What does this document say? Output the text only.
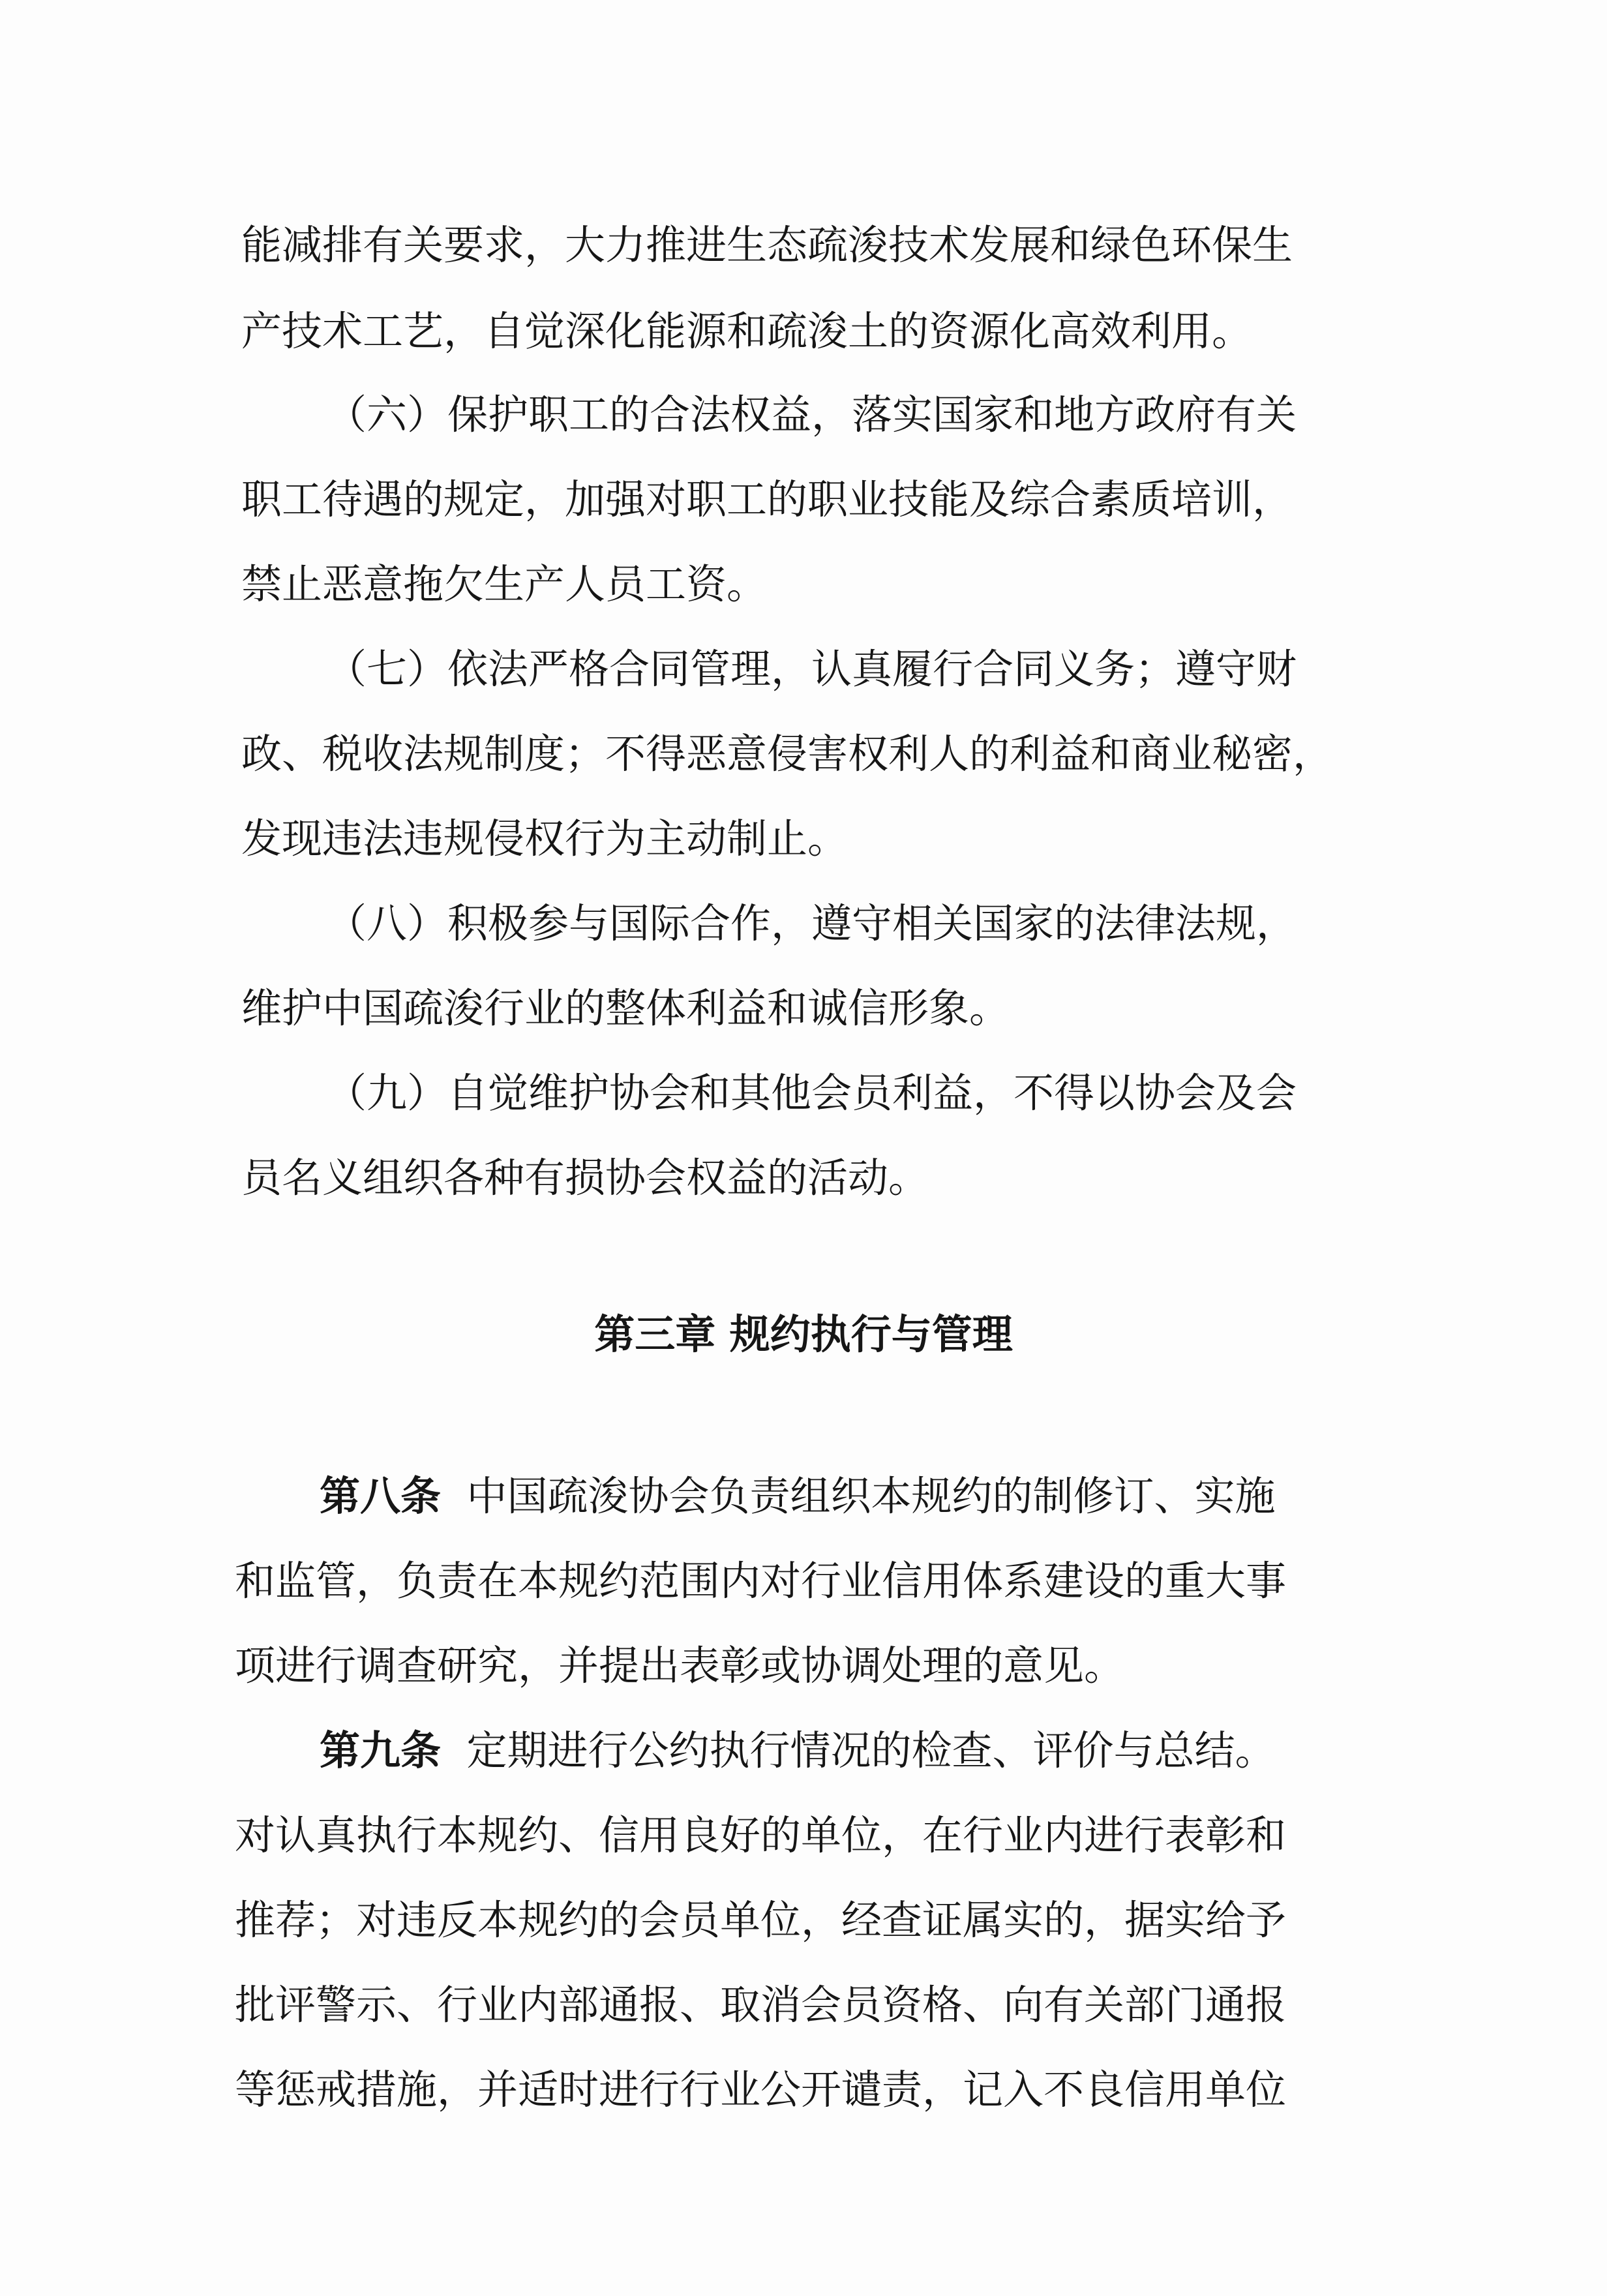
能减排有关要求，大力推进生态疏浚技术发展和绿色环保生

产技术工艺，自觉深化能源和疏浚土的资源化高效利用。

（六）保护职工的合法权益，落实国家和地方政府有关

职工待遇的规定，加强对职工的职业技能及综合素质培训，

禁止恶意拖欠生产人员工资。

（七）依法严格合同管理，认真履行合同义务；遵守财

政、税收法规制度；不得恶意侵害权利人的利益和商业秘密，

发现违法违规侵权行为主动制止。

（八）积极参与国际合作，遵守相关国家的法律法规，

维护中国疏浚行业的整体利益和诚信形象。

（九）自觉维护协会和其他会员利益，不得以协会及会

员名义组织各种有损协会权益的活动。

第三章 规约执行与管理

第八条 中国疏浚协会负责组织本规约的制修订、实施

和监管，负责在本规约范围内对行业信用体系建设的重大事

项进行调查研究，并提出表彰或协调处理的意见。

第九条 定期进行公约执行情况的检查、评价与总结。

对认真执行本规约、信用良好的单位，在行业内进行表彰和

推荐；对违反本规约的会员单位，经查证属实的，据实给予

批评警示、行业内部通报、取消会员资格、向有关部门通报

等惩戒措施，并适时进行行业公开谴责，记入不良信用单位
